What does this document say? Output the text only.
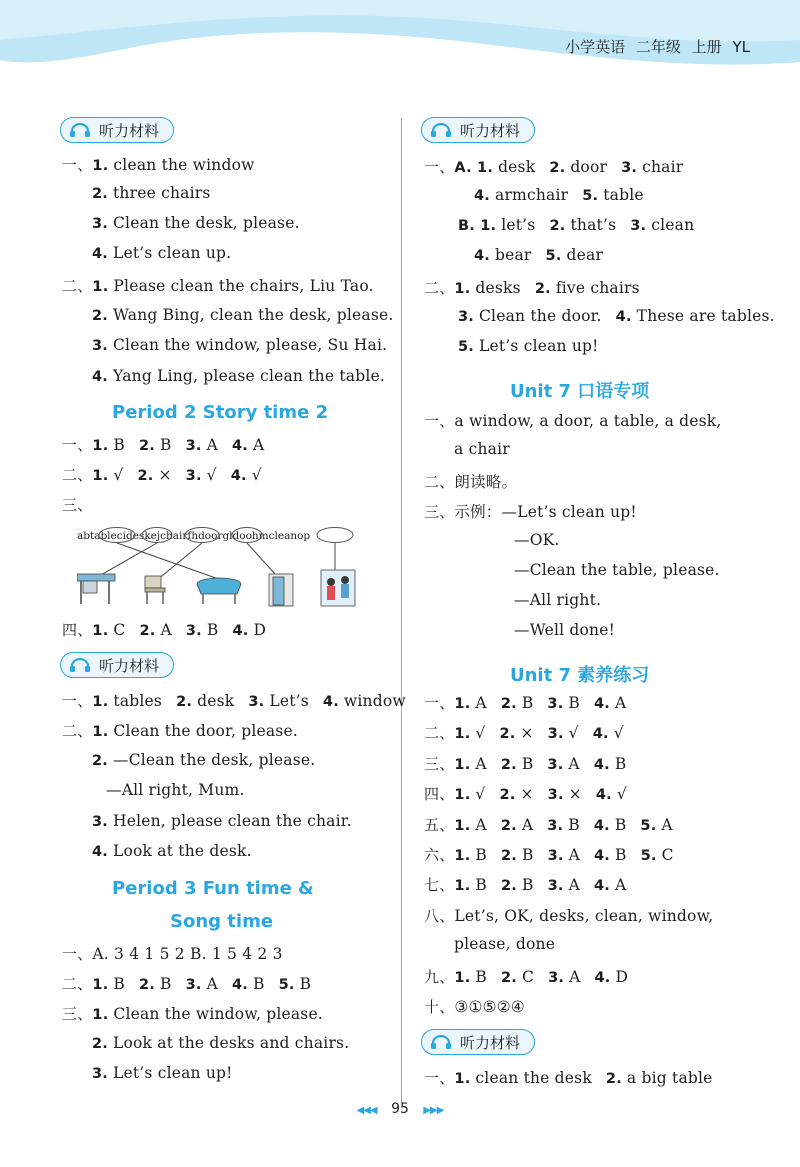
小学英语 二年级 上册 YL
听力材料
一、1. clean the window
2. three chairs
3. Clean the desk, please.
4. Let’s clean up.
二、1. Please clean the chairs, Liu Tao.
2. Wang Bing, clean the desk, please.
3. Clean the window, please, Su Hai.
4. Yang Ling, please clean the table.
Period 2 Story time 2
一、1. B 2. B 3. A 4. A
二、1. √ 2. × 3. √ 4. √
三、
abtablecideskejchairfhdoorgldoohmcleanop
四、1. C 2. A 3. B 4. D
听力材料
一、1. tables 2. desk 3. Let’s 4. window
二、1. Clean the door, please.
2. —Clean the desk, please.
—All right, Mum.
3. Helen, please clean the chair.
4. Look at the desk.
Period 3 Fun time &
Song time
一、A. 3 4 1 5 2 B. 1 5 4 2 3
二、1. B 2. B 3. A 4. B 5. B
三、1. Clean the window, please.
2. Look at the desks and chairs.
3. Let’s clean up!
听力材料
一、A. 1. desk 2. door 3. chair
4. armchair 5. table
B. 1. let’s 2. that’s 3. clean
4. bear 5. dear
二、1. desks 2. five chairs
3. Clean the door. 4. These are tables.
5. Let’s clean up!
Unit 7 口语专项
一、a window, a door, a table, a desk,
a chair
二、朗读略。
三、示例：—Let’s clean up!
—OK.
—Clean the table, please.
—All right.
—Well done!
Unit 7 素养练习
一、1. A 2. B 3. B 4. A
二、1. √ 2. × 3. √ 4. √
三、1. A 2. B 3. A 4. B
四、1. √ 2. × 3. × 4. √
五、1. A 2. A 3. B 4. B 5. A
六、1. B 2. B 3. A 4. B 5. C
七、1. B 2. B 3. A 4. A
八、Let’s, OK, desks, clean, window,
please, done
九、1. B 2. C 3. A 4. D
十、③①⑤②④
听力材料
一、1. clean the desk 2. a big table
◀◀◀ 95 ▶▶▶
